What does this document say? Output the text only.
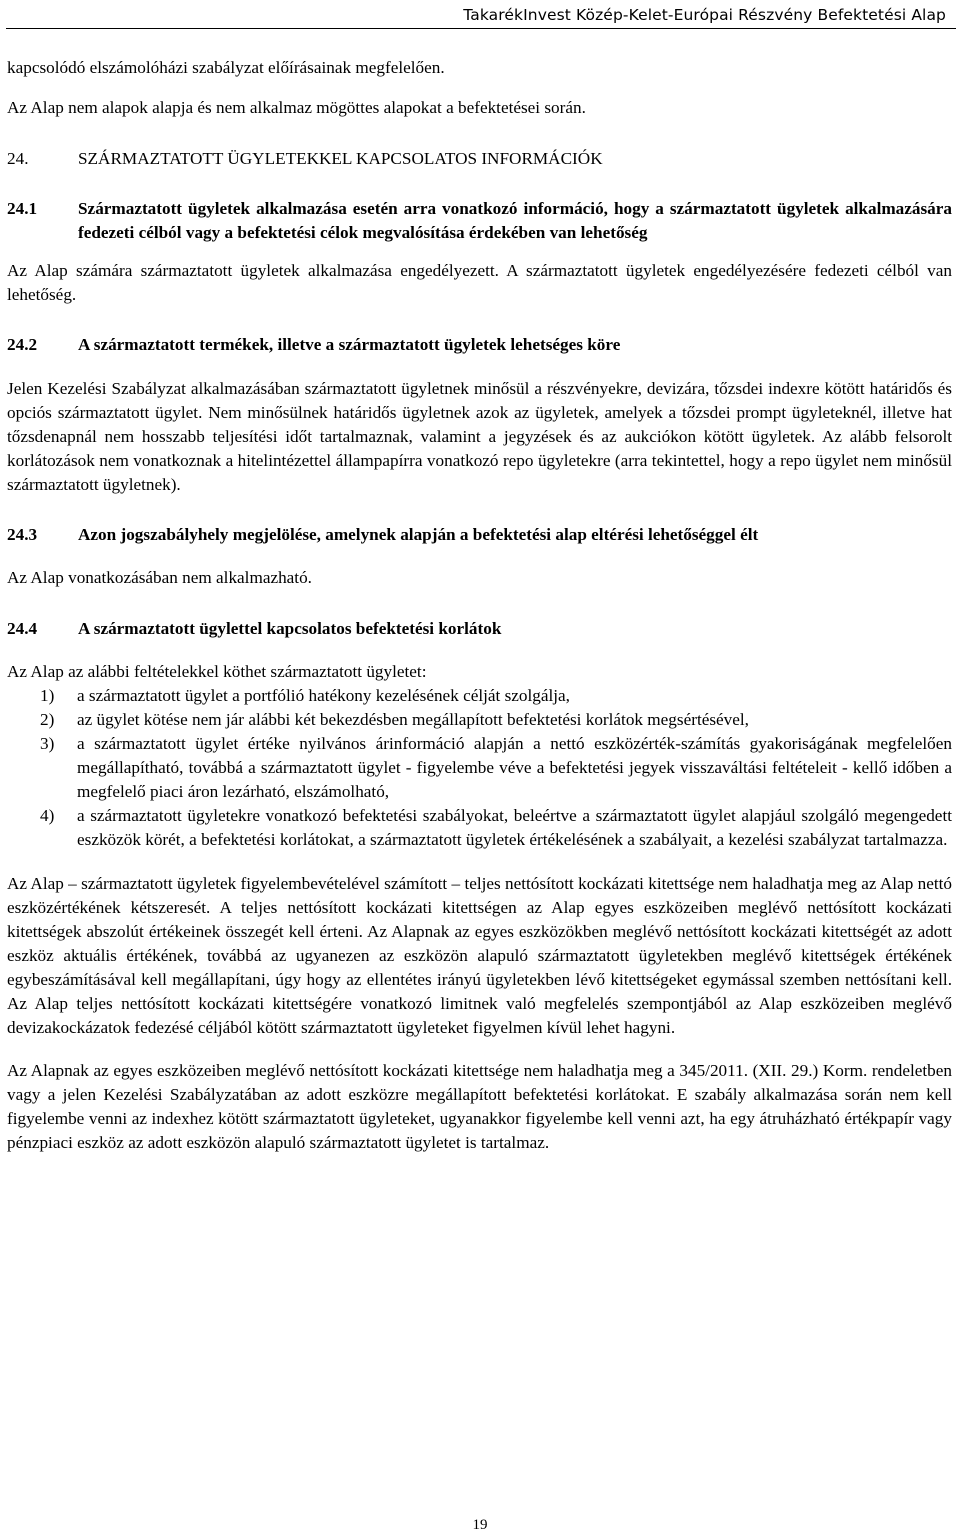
TakarékInvest Közép-Kelet-Európai Részvény Befektetési Alap

kapcsolódó elszámolóházi szabályzat előírásainak megfelelően.

Az Alap nem alapok alapja és nem alkalmaz mögöttes alapokat a befektetései során.

24.	SZÁRMAZTATOTT ÜGYLETEKKEL KAPCSOLATOS INFORMÁCIÓK
24.1	Származtatott ügyletek alkalmazása esetén arra vonatkozó információ, hogy a származtatott ügyletek alkalmazására fedezeti célból vagy a befektetési célok megvalósítása érdekében van lehetőség

Az Alap számára származtatott ügyletek alkalmazása engedélyezett. A származtatott ügyletek engedélyezésére fedezeti célból van lehetőség.

24.2	A származtatott termékek, illetve a származtatott ügyletek lehetséges köre

Jelen Kezelési Szabályzat alkalmazásában származtatott ügyletnek minősül a részvényekre, devizára, tőzsdei indexre kötött határidős és opciós származtatott ügylet. Nem minősülnek határidős ügyletnek azok az ügyletek, amelyek a tőzsdei prompt ügyleteknél, illetve hat tőzsdenapnál nem hosszabb teljesítési időt tartalmaznak, valamint a jegyzések és az aukciókon kötött ügyletek. Az alább felsorolt korlátozások nem vonatkoznak a hitelintézettel állampapírra vonatkozó repo ügyletekre (arra tekintettel, hogy a repo ügylet nem minősül származtatott ügyletnek).

24.3	Azon jogszabályhely megjelölése, amelynek alapján a befektetési alap eltérési lehetőséggel élt

Az Alap vonatkozásában nem alkalmazható.

24.4	A származtatott ügylettel kapcsolatos befektetési korlátok

Az Alap az alábbi feltételekkel köthet származtatott ügyletet:

1)	a származtatott ügylet a portfólió hatékony kezelésének célját szolgálja,
2)	az ügylet kötése nem jár alábbi két bekezdésben megállapított befektetési korlátok megsértésével,
3)	a származtatott ügylet értéke nyilvános árinformáció alapján a nettó eszközérték-számítás gyakoriságának megfelelően megállapítható, továbbá a származtatott ügylet - figyelembe véve a befektetési jegyek visszaváltási feltételeit - kellő időben a megfelelő piaci áron lezárható, elszámolható,
4)	a származtatott ügyletekre vonatkozó befektetési szabályokat, beleértve a származtatott ügylet alapjául szolgáló megengedett eszközök körét, a befektetési korlátokat, a származtatott ügyletek értékelésének a szabályait, a kezelési szabályzat tartalmazza.

Az Alap – származtatott ügyletek figyelembevételével számított – teljes nettósított kockázati kitettsége nem haladhatja meg az Alap nettó eszközértékének kétszeresét. A teljes nettósított kockázati kitettségen az Alap egyes eszközeiben meglévő nettósított kockázati kitettségek abszolút értékeinek összegét kell érteni. Az Alapnak az egyes eszközökben meglévő nettósított kockázati kitettségét az adott eszköz aktuális értékének, továbbá az ugyanezen az eszközön alapuló származtatott ügyletekben meglévő kitettségek értékének egybeszámításával kell megállapítani, úgy hogy az ellentétes irányú ügyletekben lévő kitettségeket egymással szemben nettósítani kell. Az Alap teljes nettósított kockázati kitettségére vonatkozó limitnek való megfelelés szempontjából az Alap eszközeiben meglévő devizakockázatok fedezésé céljából kötött származtatott ügyleteket figyelmen kívül lehet hagyni.

Az Alapnak az egyes eszközeiben meglévő nettósított kockázati kitettsége nem haladhatja meg a 345/2011. (XII. 29.) Korm. rendeletben vagy a jelen Kezelési Szabályzatában az adott eszközre megállapított befektetési korlátokat. E szabály alkalmazása során nem kell figyelembe venni az indexhez kötött származtatott ügyleteket, ugyanakkor figyelembe kell venni azt, ha egy átruházható értékpapír vagy pénzpiaci eszköz az adott eszközön alapuló származtatott ügyletet is tartalmaz.

19
